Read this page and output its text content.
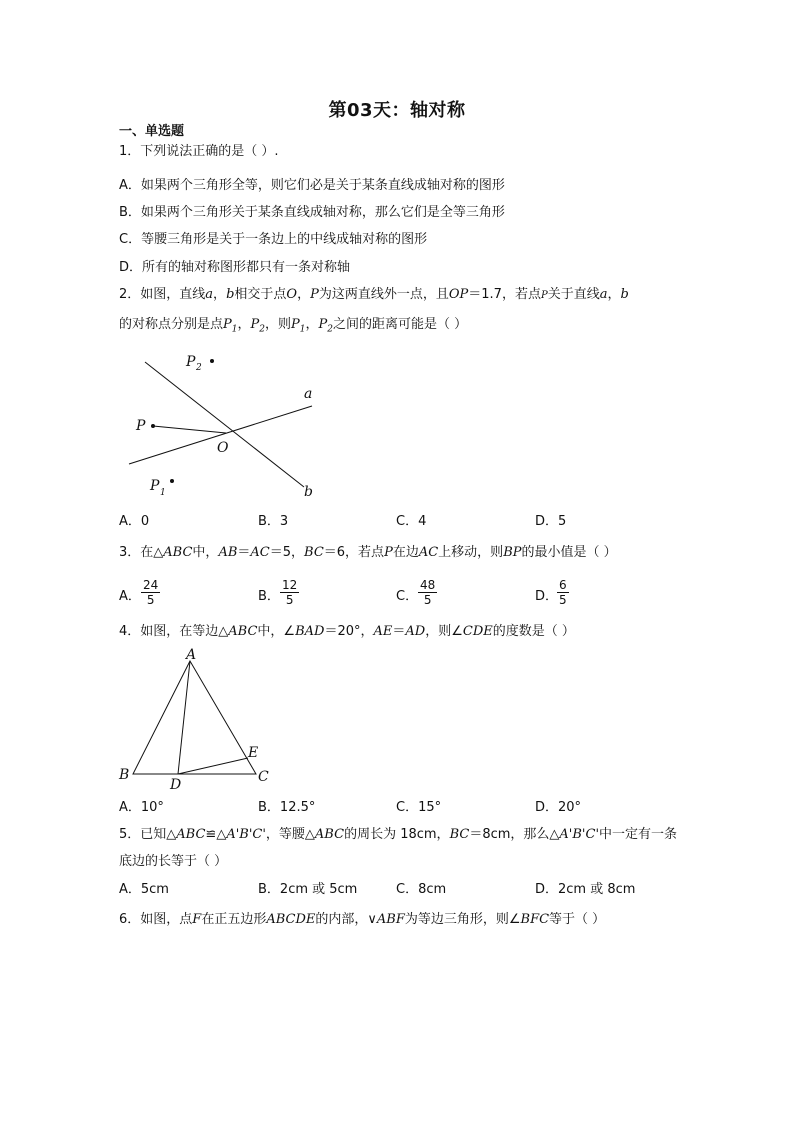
第03天：轴对称
一、单选题
1．下列说法正确的是（ ）.
A．如果两个三角形全等，则它们必是关于某条直线成轴对称的图形
B．如果两个三角形关于某条直线成轴对称，那么它们是全等三角形
C．等腰三角形是关于一条边上的中线成轴对称的图形
D．所有的轴对称图形都只有一条对称轴
2．如图，直线a，b相交于点O，P为这两直线外一点，且OP＝1.7，若点P关于直线a，b
的对称点分别是点$P_1$，$P_2$，则$P_1$，$P_2$之间的距离可能是（ ）
P 2
a
P
O
P 1	b
A
B	C
D
E
A．0	B．3	C．4	D．5
3．在△ABC中，AB＝AC＝5，BC＝6，若点P在边AC上移动，则BP的最小值是（ ）
A． $\frac{24}{5}$	B． $\frac{12}{5}$	C． $\frac{48}{5}$	D．
$\frac{6}{5}$
4．如图，在等边△ABC中，∠BAD＝20°，AE＝AD，则∠CDE的度数是（ ）
A．10°	B．12.5°	C．15°	D．20°
5．已知△ABC≌△A'B'C'，等腰△ABC的周长为 18cm，BC＝8cm，那么△A'B'C'中一定有一条
底边的长等于（ ）
A．5cm	B．2cm 或 5cm	C．8cm	D．2cm 或 8cm
6．如图，点F在正五边形ABCDE的内部，∨ABF为等边三角形，则∠BFC等于（ ）
